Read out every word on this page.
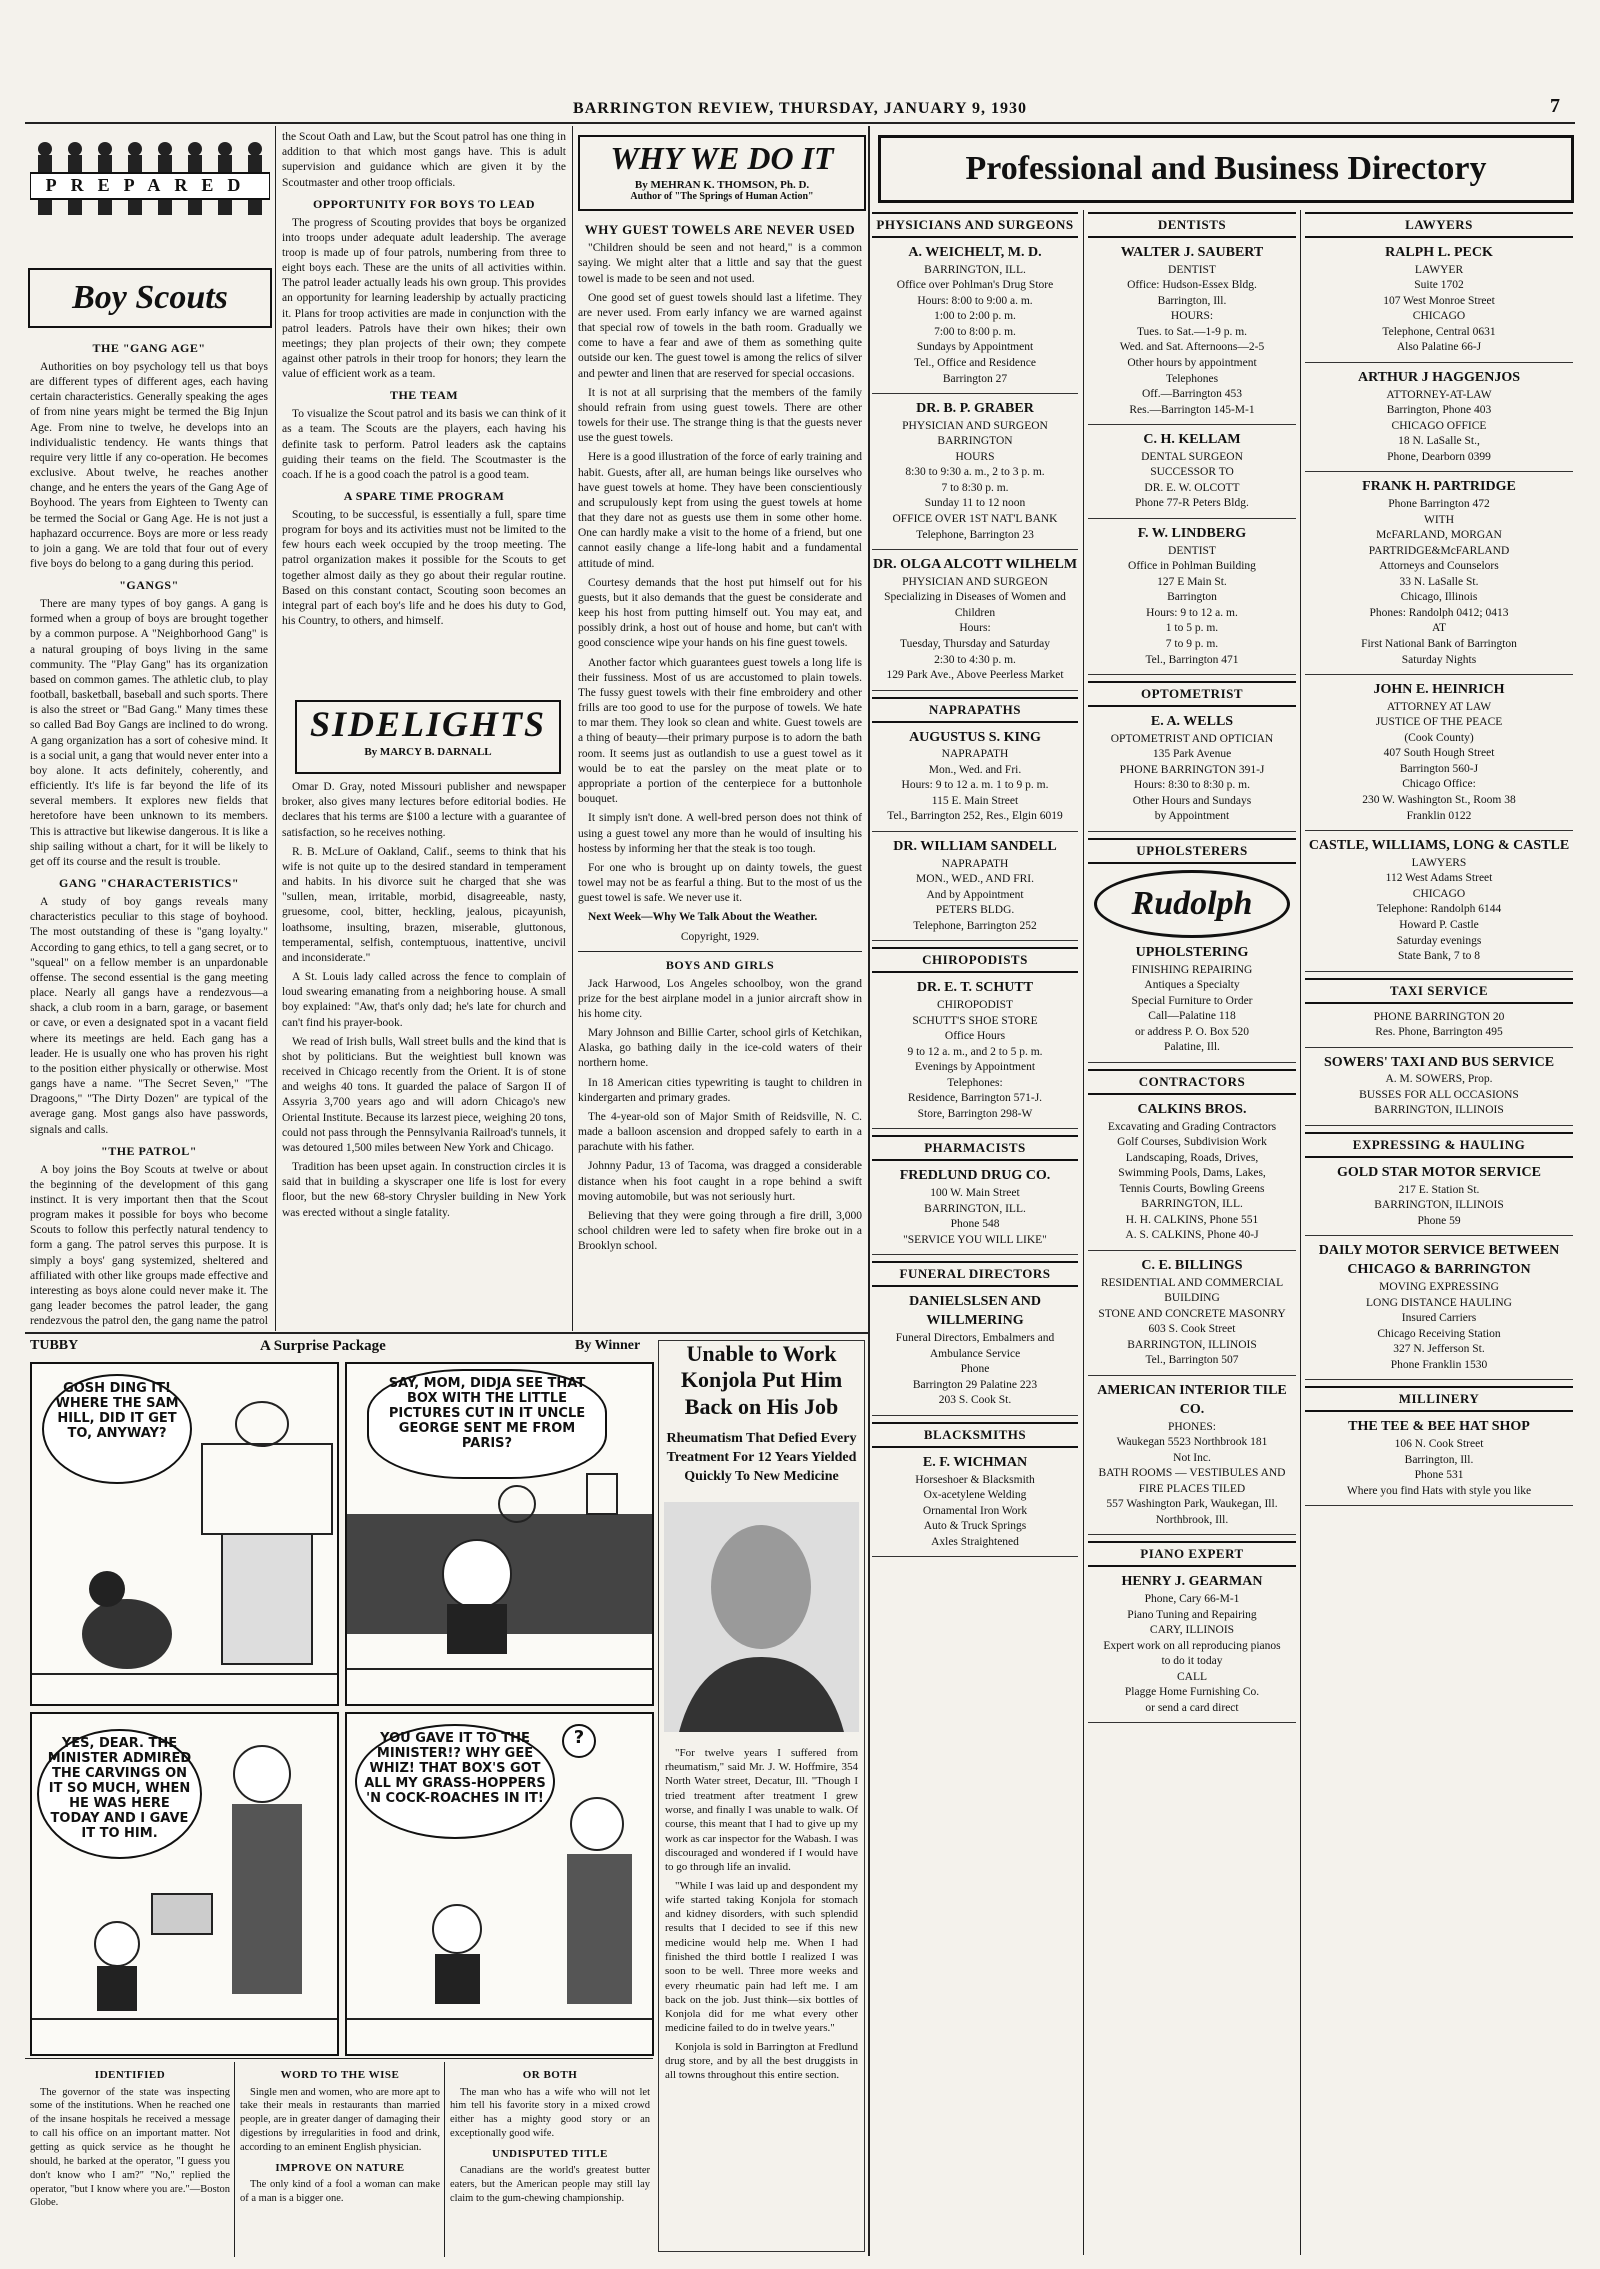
BARRINGTON REVIEW, THURSDAY, JANUARY 9, 1930	7
PREPARED
Boy Scouts
THE "GANG AGE"

Authorities on boy psychology tell us that boys are different types of different ages, each having certain characteristics. Generally speaking the ages of from nine years might be termed the Big Injun Age. From nine to twelve, he develops into an individualistic tendency. He wants things that require very little if any co-operation. He becomes exclusive. About twelve, he reaches another change, and he enters the years of the Gang Age of Boyhood. The years from Eighteen to Twenty can be termed the Social or Gang Age. He is not just a haphazard occurrence. Boys are more or less ready to join a gang. We are told that four out of every five boys do belong to a gang during this period.

"GANGS"

There are many types of boy gangs. A gang is formed when a group of boys are brought together by a common purpose. A "Neighborhood Gang" is a natural grouping of boys living in the same community. The "Play Gang" has its organization based on common games. The athletic club, to play football, basketball, baseball and such sports. There is also the street or "Bad Gang." Many times these so called Bad Boy Gangs are inclined to do wrong. A gang organization has a sort of cohesive mind. It is a social unit, a gang that would never enter into a boy alone. It acts definitely, coherently, and efficiently. It's life is far beyond the life of its several members. It explores new fields that heretofore have been unknown to its members. This is attractive but likewise dangerous. It is like a ship sailing without a chart, for it will be likely to get off its course and the result is trouble.

GANG "CHARACTERISTICS"

A study of boy gangs reveals many characteristics peculiar to this stage of boyhood. The most outstanding of these is "gang loyalty." According to gang ethics, to tell a gang secret, or to "squeal" on a fellow member is an unpardonable offense. The second essential is the gang meeting place. Nearly all gangs have a rendezvous—a shack, a club room in a barn, garage, or basement or cave, or even a designated spot in a vacant field where its meetings are held. Each gang has a leader. He is usually one who has proven his right to the position either physically or otherwise. Most gangs have a name. "The Secret Seven," "The Dragoons," "The Dirty Dozen" are typical of the average gang. Most gangs also have passwords, signals and calls.

"THE PATROL"

A boy joins the Boy Scouts at twelve or about the beginning of the development of this gang instinct. It is very important then that the Scout program makes it possible for boys who become Scouts to follow this perfectly natural tendency to form a gang. The patrol serves this purpose. It is simply a boys' gang systemized, sheltered and affiliated with other like groups made effective and interesting as boys alone could never make it. The gang leader becomes the patrol leader, the gang rendezvous the patrol den, the gang name the patrol

the Scout Oath and Law, but the Scout patrol has one thing in addition to that which most gangs have. This is adult supervision and guidance which are given it by the Scoutmaster and other troop officials.

OPPORTUNITY FOR BOYS TO LEAD

The progress of Scouting provides that boys be organized into troops under adequate adult leadership. The average troop is made up of four patrols, numbering from three to eight boys each. These are the units of all activities within. The patrol leader actually leads his own group. This provides an opportunity for learning leadership by actually practicing it. Plans for troop activities are made in conjunction with the patrol leaders. Patrols have their own hikes; their own meetings; they plan projects of their own; they compete against other patrols in their troop for honors; they learn the value of efficient work as a team.

THE TEAM

To visualize the Scout patrol and its basis we can think of it as a team. The Scouts are the players, each having his definite task to perform. Patrol leaders ask the captains guiding their teams on the field. The Scoutmaster is the coach. If he is a good coach the patrol is a good team.

A SPARE TIME PROGRAM

Scouting, to be successful, is essentially a full, spare time program for boys and its activities must not be limited to the few hours each week occupied by the troop meeting. The patrol organization makes it possible for the Scouts to get together almost daily as they go about their regular routine. Based on this constant contact, Scouting soon becomes an integral part of each boy's life and he does his duty to God, his Country, to others, and himself.

SIDELIGHTS
By MARCY B. DARNALL

Omar D. Gray, noted Missouri publisher and newspaper broker, also gives many lectures before editorial bodies. He declares that his terms are $100 a lecture with a guarantee of satisfaction, so he receives nothing.

R. B. McLure of Oakland, Calif., seems to think that his wife is not quite up to the desired standard in temperament and habits. In his divorce suit he charged that she was "sullen, mean, irritable, morbid, disagreeable, nasty, gruesome, cool, bitter, heckling, jealous, picayunish, loathsome, insulting, brazen, miserable, gluttonous, temperamental, selfish, contemptuous, inattentive, uncivil and inconsiderate."

A St. Louis lady called across the fence to complain of loud swearing emanating from a neighboring house. A small boy explained: "Aw, that's only dad; he's late for church and can't find his prayer-book.

We read of Irish bulls, Wall street bulls and the kind that is shot by politicians. But the weightiest bull known was received in Chicago recently from the Orient. It is of stone and weighs 40 tons. It guarded the palace of Sargon II of Assyria 3,700 years ago and will adorn Chicago's new Oriental Institute. Because its larzest piece, weighing 20 tons, could not pass through the Pennsylvania Railroad's tunnels, it was detoured 1,500 miles between New York and Chicago.

Tradition has been upset again. In construction circles it is said that in building a skyscraper one life is lost for every floor, but the new 68-story Chrysler building in New York was erected without a single fatality.

WHY WE DO IT
By MEHRAN K. THOMSON, Ph. D.
Author of "The Springs of Human Action"
WHY GUEST TOWELS ARE NEVER USED

"Children should be seen and not heard," is a common saying. We might alter that a little and say that the guest towel is made to be seen and not used.

One good set of guest towels should last a lifetime. They are never used. From early infancy we are warned against that special row of towels in the bath room. Gradually we come to have a fear and awe of them as something quite outside our ken. The guest towel is among the relics of silver and pewter and linen that are reserved for special occasions.

It is not at all surprising that the members of the family should refrain from using guest towels. There are other towels for their use. The strange thing is that the guests never use the guest towels.

Here is a good illustration of the force of early training and habit. Guests, after all, are human beings like ourselves who have guest towels at home. They have been conscientiously and scrupulously kept from using the guest towels at home that they dare not as guests use them in some other home. One can hardly make a visit to the home of a friend, but one cannot easily change a life-long habit and a fundamental attitude of mind.

Courtesy demands that the host put himself out for his guests, but it also demands that the guest be considerate and keep his host from putting himself out. You may eat, and possibly drink, a host out of house and home, but can't with good conscience wipe your hands on his fine guest towels.

Another factor which guarantees guest towels a long life is their fussiness. Most of us are accustomed to plain towels. The fussy guest towels with their fine embroidery and other frills are too good to use for the purpose of towels. We hate to mar them. They look so clean and white. Guest towels are a thing of beauty—their primary purpose is to adorn the bath room. It seems just as outlandish to use a guest towel as it would be to eat the parsley on the meat plate or to appropriate a portion of the centerpiece for a buttonhole bouquet.

It simply isn't done. A well-bred person does not think of using a guest towel any more than he would of insulting his hostess by informing her that the steak is too tough.

For one who is brought up on dainty towels, the guest towel may not be as fearful a thing. But to the most of us the guest towel is safe. We never use it.

Next Week—Why We Talk About the Weather.

Copyright, 1929.
BOYS AND GIRLS

Jack Harwood, Los Angeles schoolboy, won the grand prize for the best airplane model in a junior aircraft show in his home city.

Mary Johnson and Billie Carter, school girls of Ketchikan, Alaska, go bathing daily in the ice-cold waters of their northern home.

In 18 American cities typewriting is taught to children in kindergarten and primary grades.

The 4-year-old son of Major Smith of Reidsville, N. C. made a balloon ascension and dropped safely to earth in a parachute with his father.

Johnny Padur, 13 of Tacoma, was dragged a considerable distance when his foot caught in a rope behind a swift moving automobile, but was not seriously hurt.

Believing that they were going through a fire drill, 3,000 school children were led to safety when fire broke out in a Brooklyn school.

TUBBY	A Surprise Package	By Winner
GOSH DING IT! WHERE THE SAM HILL, DID IT GET TO, ANYWAY?
SAY, MOM, DIDJA SEE THAT BOX WITH THE LITTLE PICTURES CUT IN IT UNCLE GEORGE SENT ME FROM PARIS?
YES, DEAR. THE MINISTER ADMIRED THE CARVINGS ON IT SO MUCH, WHEN HE WAS HERE TODAY AND I GAVE IT TO HIM.
YOU GAVE IT TO THE MINISTER!? WHY GEE WHIZ! THAT BOX'S GOT ALL MY GRASS-HOPPERS 'N COCK-ROACHES IN IT!
?
Unable to Work
Konjola Put Him
Back on His Job
Rheumatism That Defied Every Treatment For 12 Years Yielded Quickly To New Medicine

"For twelve years I suffered from rheumatism," said Mr. J. W. Hoffmire, 354 North Water street, Decatur, Ill. "Though I tried treatment after treatment I grew worse, and finally I was unable to walk. Of course, this meant that I had to give up my work as car inspector for the Wabash. I was discouraged and wondered if I would have to go through life an invalid.

"While I was laid up and despondent my wife started taking Konjola for stomach and kidney disorders, with such splendid results that I decided to see if this new medicine would help me. When I had finished the third bottle I realized I was soon to be well. Three more weeks and every rheumatic pain had left me. I am back on the job. Just think—six bottles of Konjola did for me what every other medicine failed to do in twelve years."

Konjola is sold in Barrington at Fredlund drug store, and by all the best druggists in all towns throughout this entire section.

IDENTIFIED

The governor of the state was inspecting some of the institutions. When he reached one of the insane hospitals he received a message to call his office on an important matter. Not getting as quick service as he thought he should, he barked at the operator, "I guess you don't know who I am?" "No," replied the operator, "but I know where you are."—Boston Globe.

WORD TO THE WISE

Single men and women, who are more apt to take their meals in restaurants than married people, are in greater danger of damaging their digestions by irregularities in food and drink, according to an eminent English physician.

IMPROVE ON NATURE

The only kind of a fool a woman can make of a man is a bigger one.

OR BOTH

The man who has a wife who will not let him tell his favorite story in a mixed crowd either has a mighty good story or an exceptionally good wife.

UNDISPUTED TITLE

Canadians are the world's greatest butter eaters, but the American people may still lay claim to the gum-chewing championship.

Professional and Business Directory
PHYSICIANS AND SURGEONS
A. WEICHELT, M. D.
BARRINGTON, ILL.
Office over Pohlman's Drug Store
Hours: 8:00 to 9:00 a. m.
1:00 to 2:00 p. m.
7:00 to 8:00 p. m.
Sundays by Appointment
Tel., Office and Residence
Barrington 27
DR. B. P. GRABER
PHYSICIAN AND SURGEON
BARRINGTON
HOURS
8:30 to 9:30 a. m., 2 to 3 p. m.
7 to 8:30 p. m.
Sunday 11 to 12 noon
OFFICE OVER 1ST NAT'L BANK
Telephone, Barrington 23
DR. OLGA ALCOTT WILHELM
PHYSICIAN AND SURGEON
Specializing in Diseases of Women and Children
Hours:
Tuesday, Thursday and Saturday
2:30 to 4:30 p. m.
129 Park Ave., Above Peerless Market
NAPRAPATHS
AUGUSTUS S. KING
NAPRAPATH
Mon., Wed. and Fri.
Hours: 9 to 12 a. m. 1 to 9 p. m.
115 E. Main Street
Tel., Barrington 252, Res., Elgin 6019
DR. WILLIAM SANDELL
NAPRAPATH
MON., WED., AND FRI.
And by Appointment
PETERS BLDG.
Telephone, Barrington 252
CHIROPODISTS
DR. E. T. SCHUTT
CHIROPODIST
SCHUTT'S SHOE STORE
Office Hours
9 to 12 a. m., and 2 to 5 p. m.
Evenings by Appointment
Telephones:
Residence, Barrington 571-J.
Store, Barrington 298-W
PHARMACISTS
FREDLUND DRUG CO.
100 W. Main Street
BARRINGTON, ILL.
Phone 548
"SERVICE YOU WILL LIKE"
FUNERAL DIRECTORS
DANIELSLSEN AND WILLMERING
Funeral Directors, Embalmers and Ambulance Service
Phone
Barrington 29 Palatine 223
203 S. Cook St.
BLACKSMITHS
E. F. WICHMAN
Horseshoer & Blacksmith
Ox-acetylene Welding
Ornamental Iron Work
Auto & Truck Springs
Axles Straightened
DENTISTS
WALTER J. SAUBERT
DENTIST
Office: Hudson-Essex Bldg.
Barrington, Ill.
HOURS:
Tues. to Sat.—1-9 p. m.
Wed. and Sat. Afternoons—2-5
Other hours by appointment
Telephones
Off.—Barrington 453
Res.—Barrington 145-M-1
C. H. KELLAM
DENTAL SURGEON
SUCCESSOR TO
DR. E. W. OLCOTT
Phone 77-R Peters Bldg.
F. W. LINDBERG
DENTIST
Office in Pohlman Building
127 E Main St.
Barrington
Hours: 9 to 12 a. m.
1 to 5 p. m.
7 to 9 p. m.
Tel., Barrington 471
OPTOMETRIST
E. A. WELLS
OPTOMETRIST AND OPTICIAN
135 Park Avenue
PHONE BARRINGTON 391-J
Hours: 8:30 to 8:30 p. m.
Other Hours and Sundays
by Appointment
UPHOLSTERERS
Rudolph
UPHOLSTERING
FINISHING REPAIRING
Antiques a Specialty
Special Furniture to Order
Call—Palatine 118
or address P. O. Box 520
Palatine, Ill.
CONTRACTORS
CALKINS BROS.
Excavating and Grading Contractors
Golf Courses, Subdivision Work
Landscaping, Roads, Drives,
Swimming Pools, Dams, Lakes,
Tennis Courts, Bowling Greens
BARRINGTON, ILL.
H. H. CALKINS, Phone 551
A. S. CALKINS, Phone 40-J
C. E. BILLINGS
RESIDENTIAL AND COMMERCIAL BUILDING
STONE AND CONCRETE MASONRY
603 S. Cook Street
BARRINGTON, ILLINOIS
Tel., Barrington 507
AMERICAN INTERIOR TILE CO.
PHONES:
Waukegan 5523 Northbrook 181
Not Inc.
BATH ROOMS — VESTIBULES AND FIRE PLACES TILED
557 Washington Park, Waukegan, Ill.
Northbrook, Ill.
PIANO EXPERT
HENRY J. GEARMAN
Phone, Cary 66-M-1
Piano Tuning and Repairing
CARY, ILLINOIS
Expert work on all reproducing pianos
to do it today
CALL
Plagge Home Furnishing Co.
or send a card direct
LAWYERS
RALPH L. PECK
LAWYER
Suite 1702
107 West Monroe Street
CHICAGO
Telephone, Central 0631
Also Palatine 66-J
ARTHUR J HAGGENJOS
ATTORNEY-AT-LAW
Barrington, Phone 403
CHICAGO OFFICE
18 N. LaSalle St.,
Phone, Dearborn 0399
FRANK H. PARTRIDGE
Phone Barrington 472
WITH
McFARLAND, MORGAN PARTRIDGE&McFARLAND
Attorneys and Counselors
33 N. LaSalle St.
Chicago, Illinois
Phones: Randolph 0412; 0413
AT
First National Bank of Barrington
Saturday Nights
JOHN E. HEINRICH
ATTORNEY AT LAW
JUSTICE OF THE PEACE
(Cook County)
407 South Hough Street
Barrington 560-J
Chicago Office:
230 W. Washington St., Room 38
Franklin 0122
CASTLE, WILLIAMS, LONG & CASTLE
LAWYERS
112 West Adams Street
CHICAGO
Telephone: Randolph 6144
Howard P. Castle
Saturday evenings
State Bank, 7 to 8
TAXI SERVICE
PHONE BARRINGTON 20
Res. Phone, Barrington 495
SOWERS' TAXI AND BUS SERVICE
A. M. SOWERS, Prop.
BUSSES FOR ALL OCCASIONS
BARRINGTON, ILLINOIS
EXPRESSING & HAULING
GOLD STAR MOTOR SERVICE
217 E. Station St.
BARRINGTON, ILLINOIS
Phone 59
DAILY MOTOR SERVICE BETWEEN CHICAGO & BARRINGTON
MOVING EXPRESSING
LONG DISTANCE HAULING
Insured Carriers
Chicago Receiving Station
327 N. Jefferson St.
Phone Franklin 1530
MILLINERY
THE TEE & BEE HAT SHOP
106 N. Cook Street
Barrington, Ill.
Phone 531
Where you find Hats with style you like
